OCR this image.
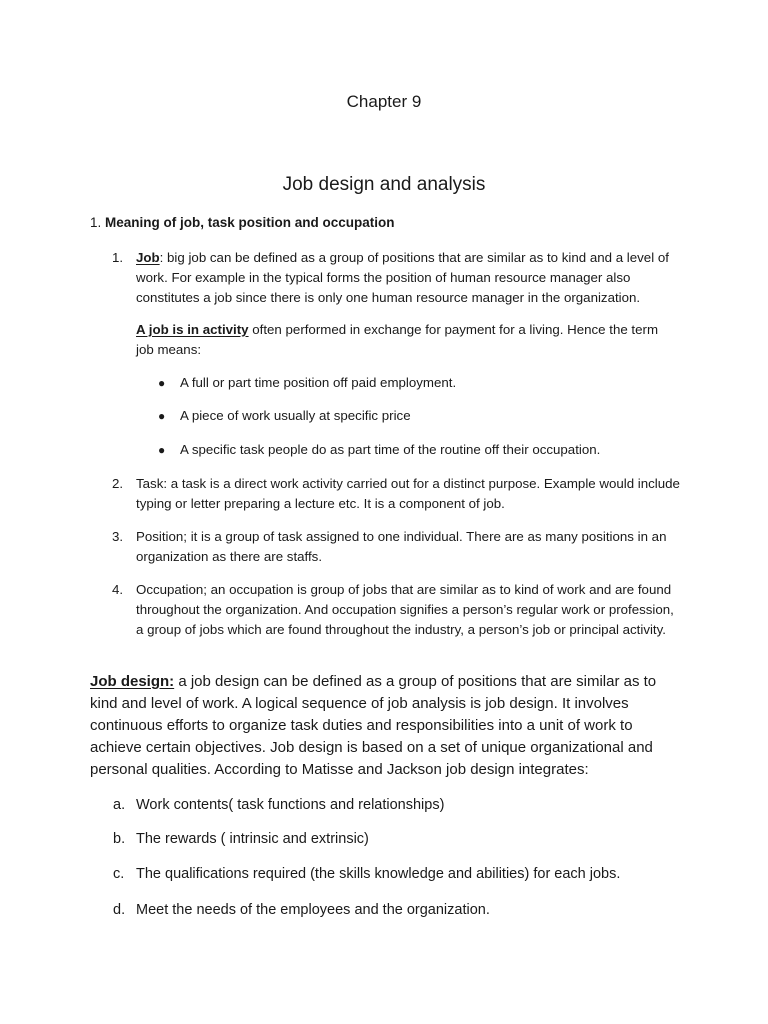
Chapter 9
Job design and analysis
1. Meaning of job, task position and occupation
1. Job: big job can be defined as a group of positions that are similar as to kind and a level of work. For example in the typical forms the position of human resource manager also constitutes a job since there is only one human resource manager in the organization.
A job is in activity often performed in exchange for payment for a living. Hence the term job means:
● A full or part time position off paid employment.
● A piece of work usually at specific price
● A specific task people do as part time of the routine off their occupation.
2. Task: a task is a direct work activity carried out for a distinct purpose. Example would include typing or letter preparing a lecture etc. It is a component of job.
3. Position; it is a group of task assigned to one individual. There are as many positions in an organization as there are staffs.
4. Occupation; an occupation is group of jobs that are similar as to kind of work and are found throughout the organization. And occupation signifies a person’s regular work or profession, a group of jobs which are found throughout the industry, a person’s job or principal activity.
Job design: a job design can be defined as a group of positions that are similar as to kind and level of work. A logical sequence of job analysis is job design. It involves continuous efforts to organize task duties and responsibilities into a unit of work to achieve certain objectives. Job design is based on a set of unique organizational and personal qualities. According to Matisse and Jackson job design integrates:
a. Work contents( task functions and relationships)
b. The rewards ( intrinsic and extrinsic)
c. The qualifications required (the skills knowledge and abilities) for each jobs.
d. Meet the needs of the employees and the organization.
